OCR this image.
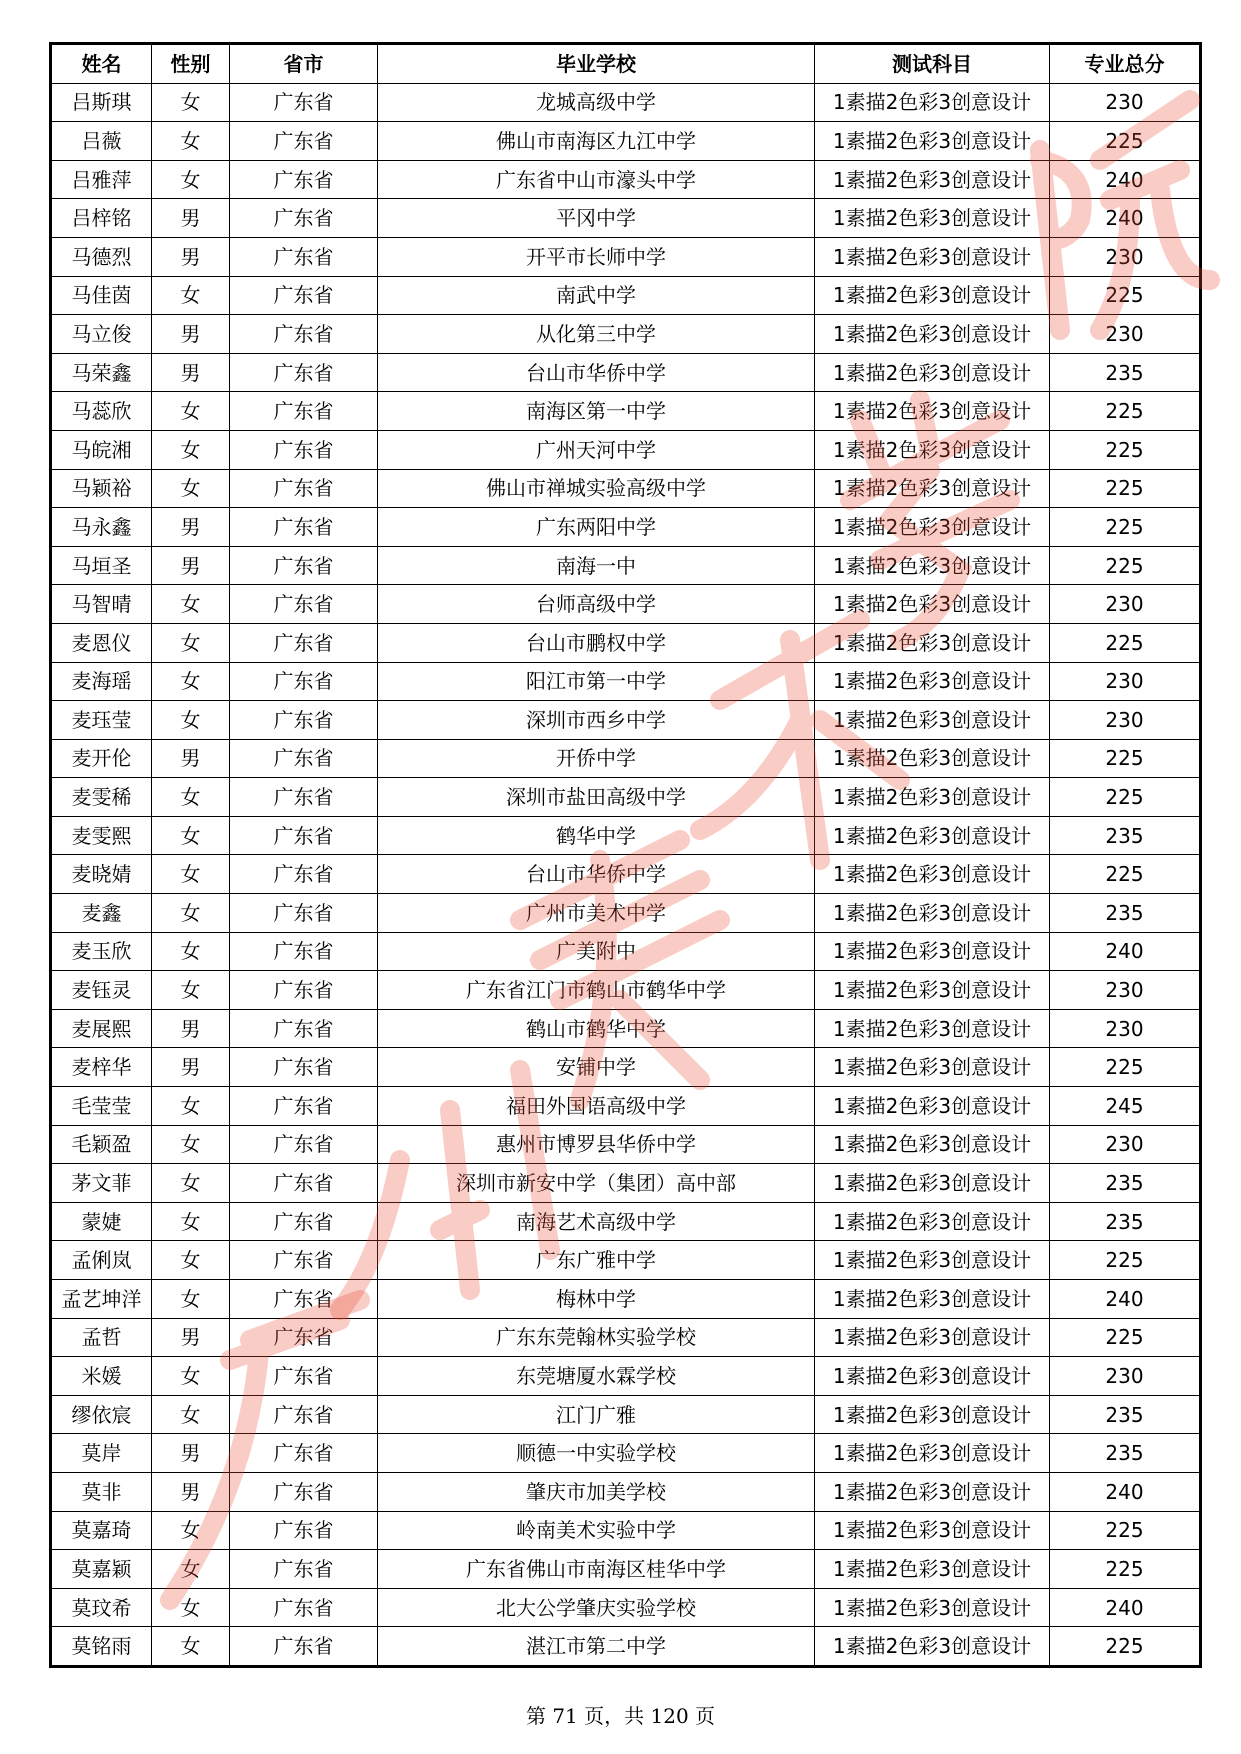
姓名	性别	省市	毕业学校	测试科目	专业总分
吕斯琪	女	广东省	龙城高级中学	1素描2色彩3创意设计	230
吕薇	女	广东省	佛山市南海区九江中学	1素描2色彩3创意设计	225
吕雅萍	女	广东省	广东省中山市濠头中学	1素描2色彩3创意设计	240
吕梓铭	男	广东省	平冈中学	1素描2色彩3创意设计	240
马德烈	男	广东省	开平市长师中学	1素描2色彩3创意设计	230
马佳茵	女	广东省	南武中学	1素描2色彩3创意设计	225
马立俊	男	广东省	从化第三中学	1素描2色彩3创意设计	230
马荣鑫	男	广东省	台山市华侨中学	1素描2色彩3创意设计	235
马蕊欣	女	广东省	南海区第一中学	1素描2色彩3创意设计	225
马皖湘	女	广东省	广州天河中学	1素描2色彩3创意设计	225
马颖裕	女	广东省	佛山市禅城实验高级中学	1素描2色彩3创意设计	225
马永鑫	男	广东省	广东两阳中学	1素描2色彩3创意设计	225
马垣圣	男	广东省	南海一中	1素描2色彩3创意设计	225
马智晴	女	广东省	台师高级中学	1素描2色彩3创意设计	230
麦恩仪	女	广东省	台山市鹏权中学	1素描2色彩3创意设计	225
麦海瑶	女	广东省	阳江市第一中学	1素描2色彩3创意设计	230
麦珏莹	女	广东省	深圳市西乡中学	1素描2色彩3创意设计	230
麦开伦	男	广东省	开侨中学	1素描2色彩3创意设计	225
麦雯稀	女	广东省	深圳市盐田高级中学	1素描2色彩3创意设计	225
麦雯熙	女	广东省	鹤华中学	1素描2色彩3创意设计	235
麦晓婧	女	广东省	台山市华侨中学	1素描2色彩3创意设计	225
麦鑫	女	广东省	广州市美术中学	1素描2色彩3创意设计	235
麦玉欣	女	广东省	广美附中	1素描2色彩3创意设计	240
麦钰灵	女	广东省	广东省江门市鹤山市鹤华中学	1素描2色彩3创意设计	230
麦展熙	男	广东省	鹤山市鹤华中学	1素描2色彩3创意设计	230
麦梓华	男	广东省	安铺中学	1素描2色彩3创意设计	225
毛莹莹	女	广东省	福田外国语高级中学	1素描2色彩3创意设计	245
毛颖盈	女	广东省	惠州市博罗县华侨中学	1素描2色彩3创意设计	230
茅文菲	女	广东省	深圳市新安中学（集团）高中部	1素描2色彩3创意设计	235
蒙婕	女	广东省	南海艺术高级中学	1素描2色彩3创意设计	235
孟俐岚	女	广东省	广东广雅中学	1素描2色彩3创意设计	225
孟艺坤洋	女	广东省	梅林中学	1素描2色彩3创意设计	240
孟哲	男	广东省	广东东莞翰林实验学校	1素描2色彩3创意设计	225
米媛	女	广东省	东莞塘厦水霖学校	1素描2色彩3创意设计	230
缪依宸	女	广东省	江门广雅	1素描2色彩3创意设计	235
莫岸	男	广东省	顺德一中实验学校	1素描2色彩3创意设计	235
莫非	男	广东省	肇庆市加美学校	1素描2色彩3创意设计	240
莫嘉琦	女	广东省	岭南美术实验中学	1素描2色彩3创意设计	225
莫嘉颖	女	广东省	广东省佛山市南海区桂华中学	1素描2色彩3创意设计	225
莫玟希	女	广东省	北大公学肇庆实验学校	1素描2色彩3创意设计	240
莫铭雨	女	广东省	湛江市第二中学	1素描2色彩3创意设计	225
第 71 页，共 120 页
